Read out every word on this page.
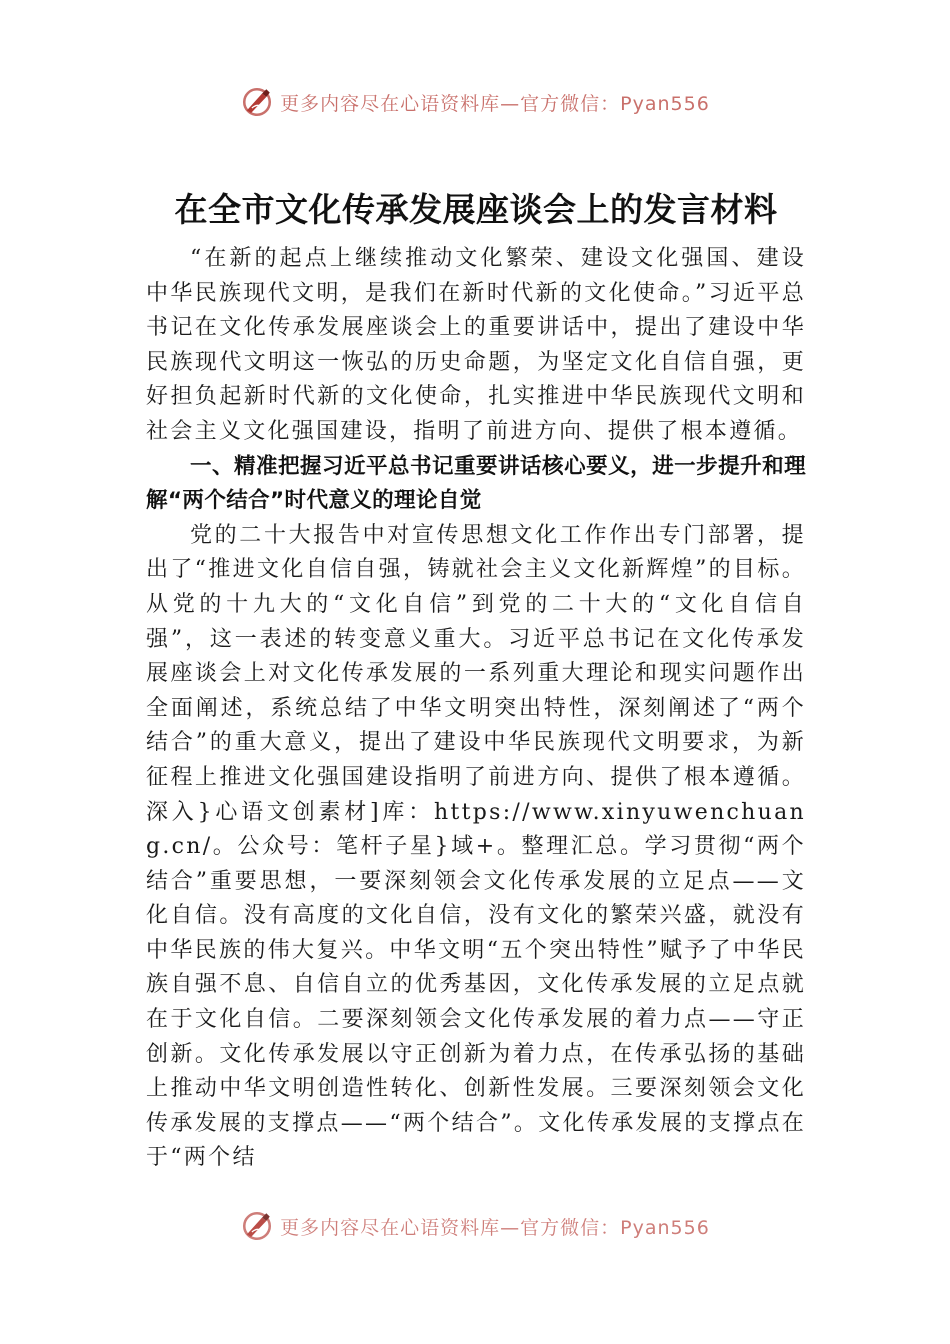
更多内容尽在心语资料库—官方微信：Pyan556
在全市文化传承发展座谈会上的发言材料

“在新的起点上继续推动文化繁荣、建设文化强国、建设中华民族现代文明，是我们在新时代新的文化使命。”习近平总书记在文化传承发展座谈会上的重要讲话中，提出了建设中华民族现代文明这一恢弘的历史命题，为坚定文化自信自强，更好担负起新时代新的文化使命，扎实推进中华民族现代文明和社会主义文化强国建设，指明了前进方向、提供了根本遵循。

一、精准把握习近平总书记重要讲话核心要义，进一步提升和理解“两个结合”时代意义的理论自觉

党的二十大报告中对宣传思想文化工作作出专门部署，提出了“推进文化自信自强，铸就社会主义文化新辉煌”的目标。从党的十九大的“文化自信”到党的二十大的“文化自信自强”，这一表述的转变意义重大。习近平总书记在文化传承发展座谈会上对文化传承发展的一系列重大理论和现实问题作出全面阐述，系统总结了中华文明突出特性，深刻阐述了“两个结合”的重大意义，提出了建设中华民族现代文明要求，为新征程上推进文化强国建设指明了前进方向、提供了根本遵循。深入}心语文创素材]库：https://www.xinyuwenchuang.cn/。公众号：笔杆子星}域+。整理汇总。学习贯彻“两个结合”重要思想，一要深刻领会文化传承发展的立足点——文化自信。没有高度的文化自信，没有文化的繁荣兴盛，就没有中华民族的伟大复兴。中华文明“五个突出特性”赋予了中华民族自强不息、自信自立的优秀基因，文化传承发展的立足点就在于文化自信。二要深刻领会文化传承发展的着力点——守正创新。文化传承发展以守正创新为着力点，在传承弘扬的基础上推动中华文明创造性转化、创新性发展。三要深刻领会文化传承发展的支撑点——“两个结合”。文化传承发展的支撑点在于“两个结

更多内容尽在心语资料库—官方微信：Pyan556
